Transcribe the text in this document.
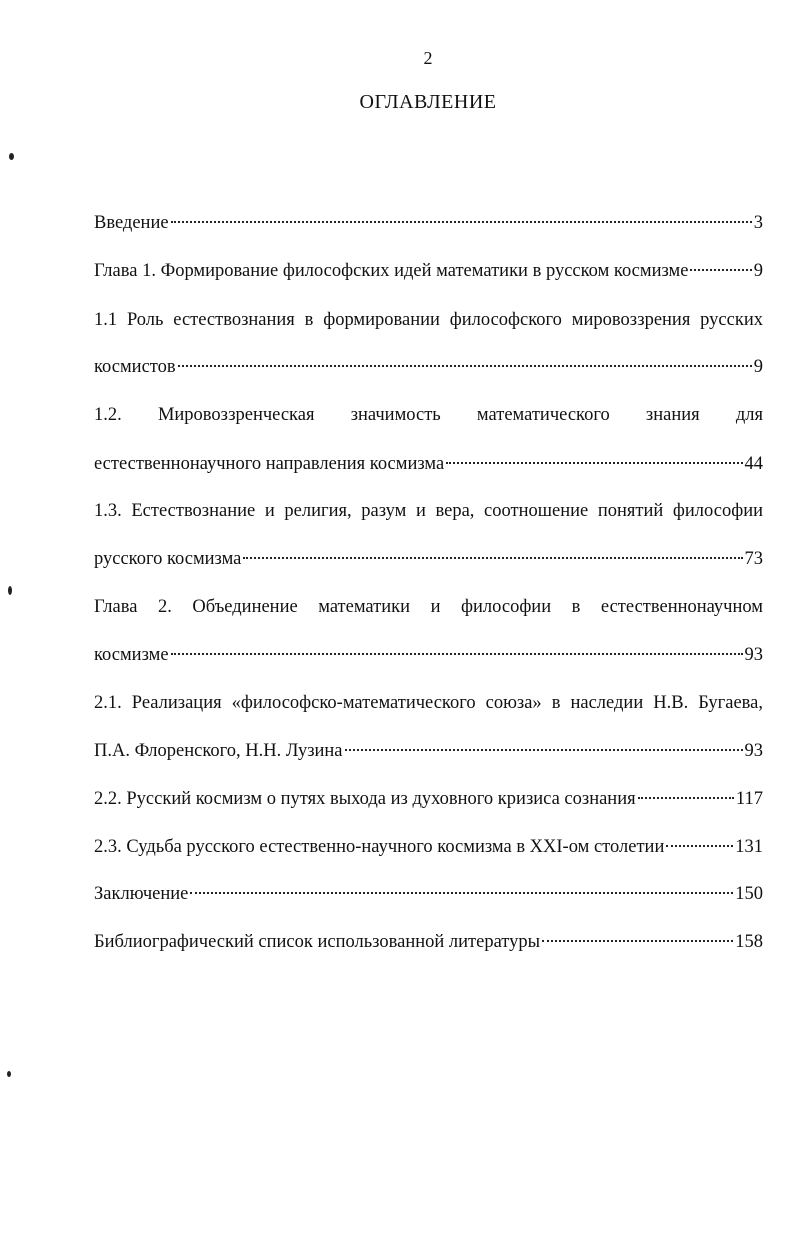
2
ОГЛАВЛЕНИЕ
Введение	3
Глава 1. Формирование философских идей математики в русском космизме	9
1.1 Роль естествознания в формировании философского мировоззрения русских
космистов	9
1.2. Мировоззренческая значимость математического знания для
естественнонаучного направления космизма	44
1.3. Естествознание и религия, разум и вера, соотношение понятий философии
русского космизма	73
Глава 2. Объединение математики и философии в естественнонаучном
космизме	93
2.1. Реализация «философско-математического союза» в наследии Н.В. Бугаева,
П.А. Флоренского, Н.Н. Лузина	93
2.2. Русский космизм о путях выхода из духовного кризиса сознания	117
2.3. Судьба русского естественно-научного космизма в XXI-ом столетии	131
Заключение	150
Библиографический список использованной литературы	158
